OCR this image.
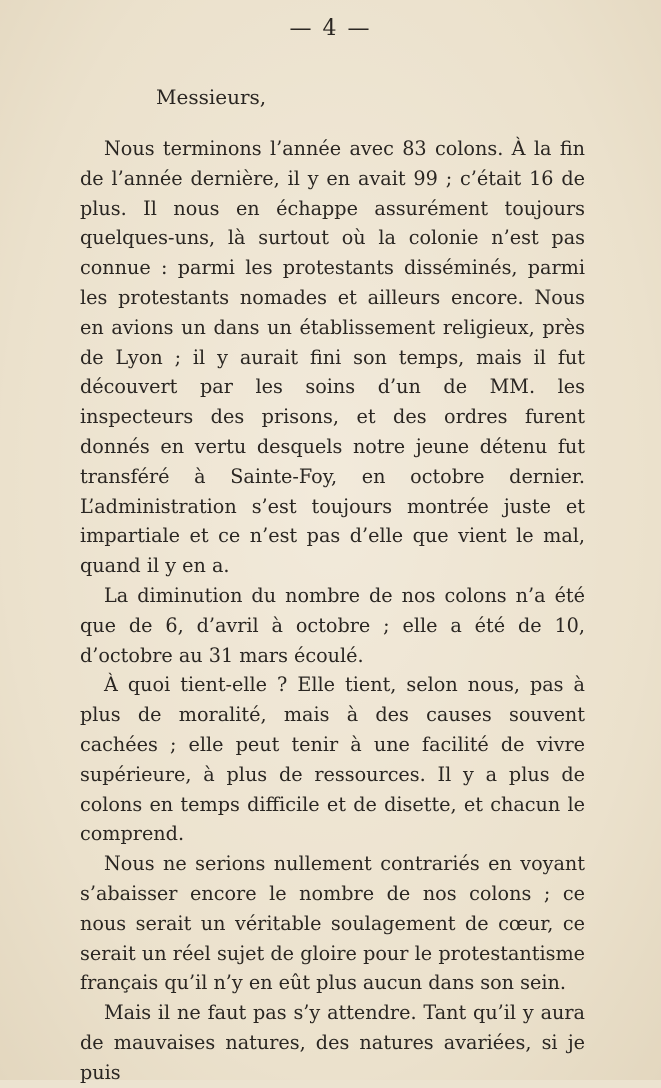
— 4 —

Messieurs,

Nous terminons l’année avec 83 colons. À la fin de l’année dernière, il y en avait 99 ; c’était 16 de plus. Il nous en échappe assurément toujours quelques-uns, là surtout où la colonie n’est pas connue : parmi les protestants disséminés, parmi les protestants nomades et ailleurs encore. Nous en avions un dans un établissement religieux, près de Lyon ; il y aurait fini son temps, mais il fut découvert par les soins d’un de MM. les inspecteurs des prisons, et des ordres furent donnés en vertu desquels notre jeune détenu fut transféré à Sainte-Foy, en octobre dernier. L’administration s’est toujours montrée juste et impartiale et ce n’est pas d’elle que vient le mal, quand il y en a.

La diminution du nombre de nos colons n’a été que de 6, d’avril à octobre ; elle a été de 10, d’octobre au 31 mars écoulé.

À quoi tient-elle ? Elle tient, selon nous, pas à plus de moralité, mais à des causes souvent cachées ; elle peut tenir à une facilité de vivre supérieure, à plus de ressources. Il y a plus de colons en temps difficile et de disette, et chacun le comprend.

Nous ne serions nullement contrariés en voyant s’abaisser encore le nombre de nos colons ; ce nous serait un véritable soulagement de cœur, ce serait un réel sujet de gloire pour le protestantisme français qu’il n’y en eût plus aucun dans son sein.

Mais il ne faut pas s’y attendre. Tant qu’il y aura de mauvaises natures, des natures avariées, si je puis
